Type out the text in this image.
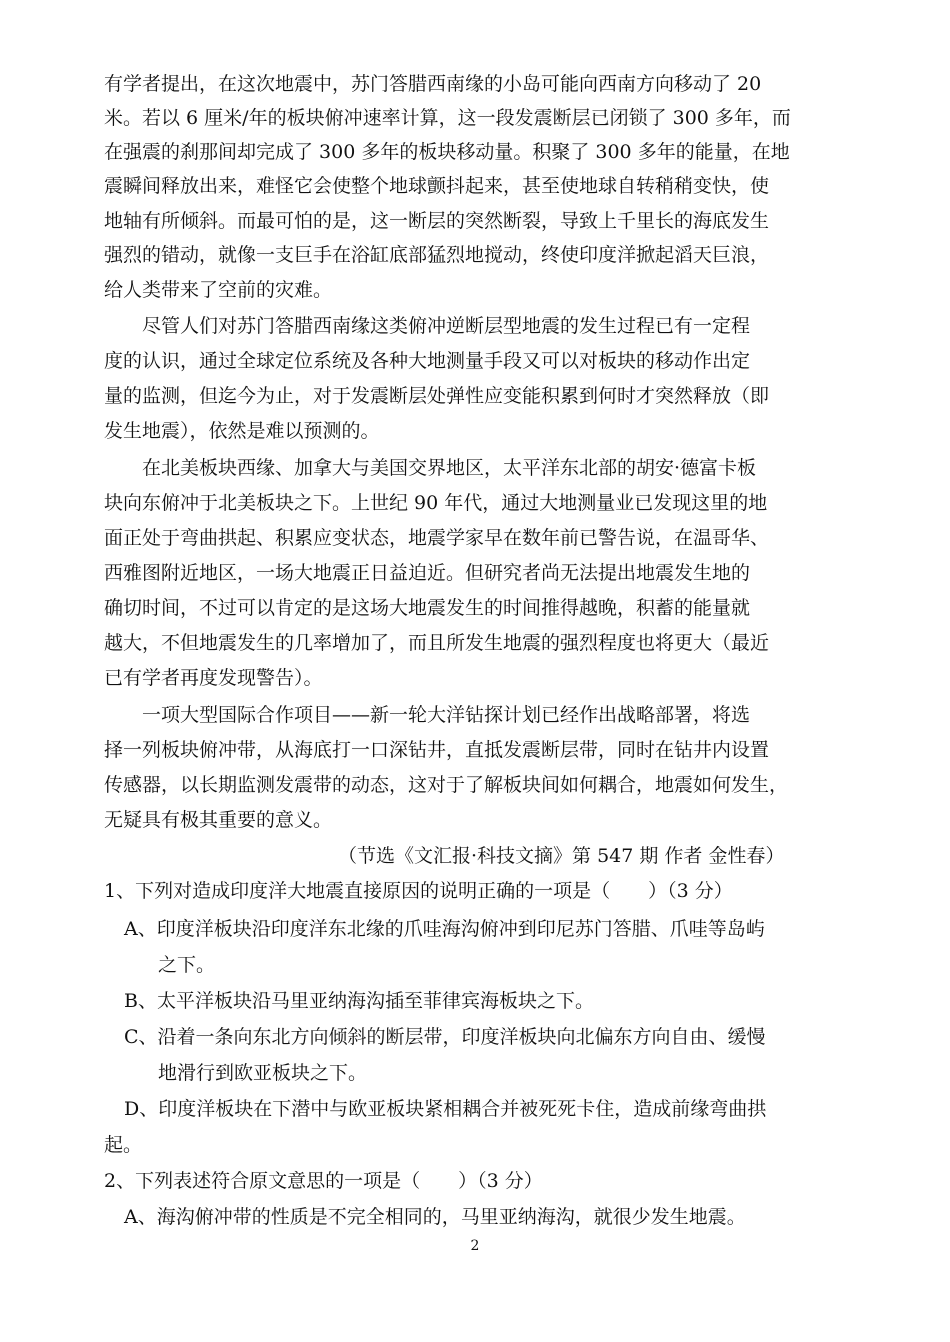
有学者提出，在这次地震中，苏门答腊西南缘的小岛可能向西南方向移动了 20
米。若以 6 厘米/年的板块俯冲速率计算，这一段发震断层已闭锁了 300 多年，而
在强震的刹那间却完成了 300 多年的板块移动量。积聚了 300 多年的能量，在地
震瞬间释放出来，难怪它会使整个地球颤抖起来，甚至使地球自转稍稍变快，使
地轴有所倾斜。而最可怕的是，这一断层的突然断裂，导致上千里长的海底发生
强烈的错动，就像一支巨手在浴缸底部猛烈地搅动，终使印度洋掀起滔天巨浪，
给人类带来了空前的灾难。
尽管人们对苏门答腊西南缘这类俯冲逆断层型地震的发生过程已有一定程
度的认识，通过全球定位系统及各种大地测量手段又可以对板块的移动作出定
量的监测，但迄今为止，对于发震断层处弹性应变能积累到何时才突然释放（即
发生地震），依然是难以预测的。
在北美板块西缘、加拿大与美国交界地区，太平洋东北部的胡安·德富卡板
块向东俯冲于北美板块之下。上世纪 90 年代，通过大地测量业已发现这里的地
面正处于弯曲拱起、积累应变状态，地震学家早在数年前已警告说，在温哥华、
西雅图附近地区，一场大地震正日益迫近。但研究者尚无法提出地震发生地的
确切时间，不过可以肯定的是这场大地震发生的时间推得越晚，积蓄的能量就
越大，不但地震发生的几率增加了，而且所发生地震的强烈程度也将更大（最近
已有学者再度发现警告）。
一项大型国际合作项目——新一轮大洋钻探计划已经作出战略部署，将选
择一列板块俯冲带，从海底打一口深钻井，直抵发震断层带，同时在钻井内设置
传感器，以长期监测发震带的动态，这对于了解板块间如何耦合，地震如何发生，
无疑具有极其重要的意义。
（节选《文汇报·科技文摘》第 547 期 作者 金性春）
1、下列对造成印度洋大地震直接原因的说明正确的一项是（　　）（3 分）
A、印度洋板块沿印度洋东北缘的爪哇海沟俯冲到印尼苏门答腊、爪哇等岛屿
之下。
B、太平洋板块沿马里亚纳海沟插至菲律宾海板块之下。
C、沿着一条向东北方向倾斜的断层带，印度洋板块向北偏东方向自由、缓慢
地滑行到欧亚板块之下。
D、印度洋板块在下潜中与欧亚板块紧相耦合并被死死卡住，造成前缘弯曲拱
起。
2、下列表述符合原文意思的一项是（　　）（3 分）
A、海沟俯冲带的性质是不完全相同的，马里亚纳海沟，就很少发生地震。
2
